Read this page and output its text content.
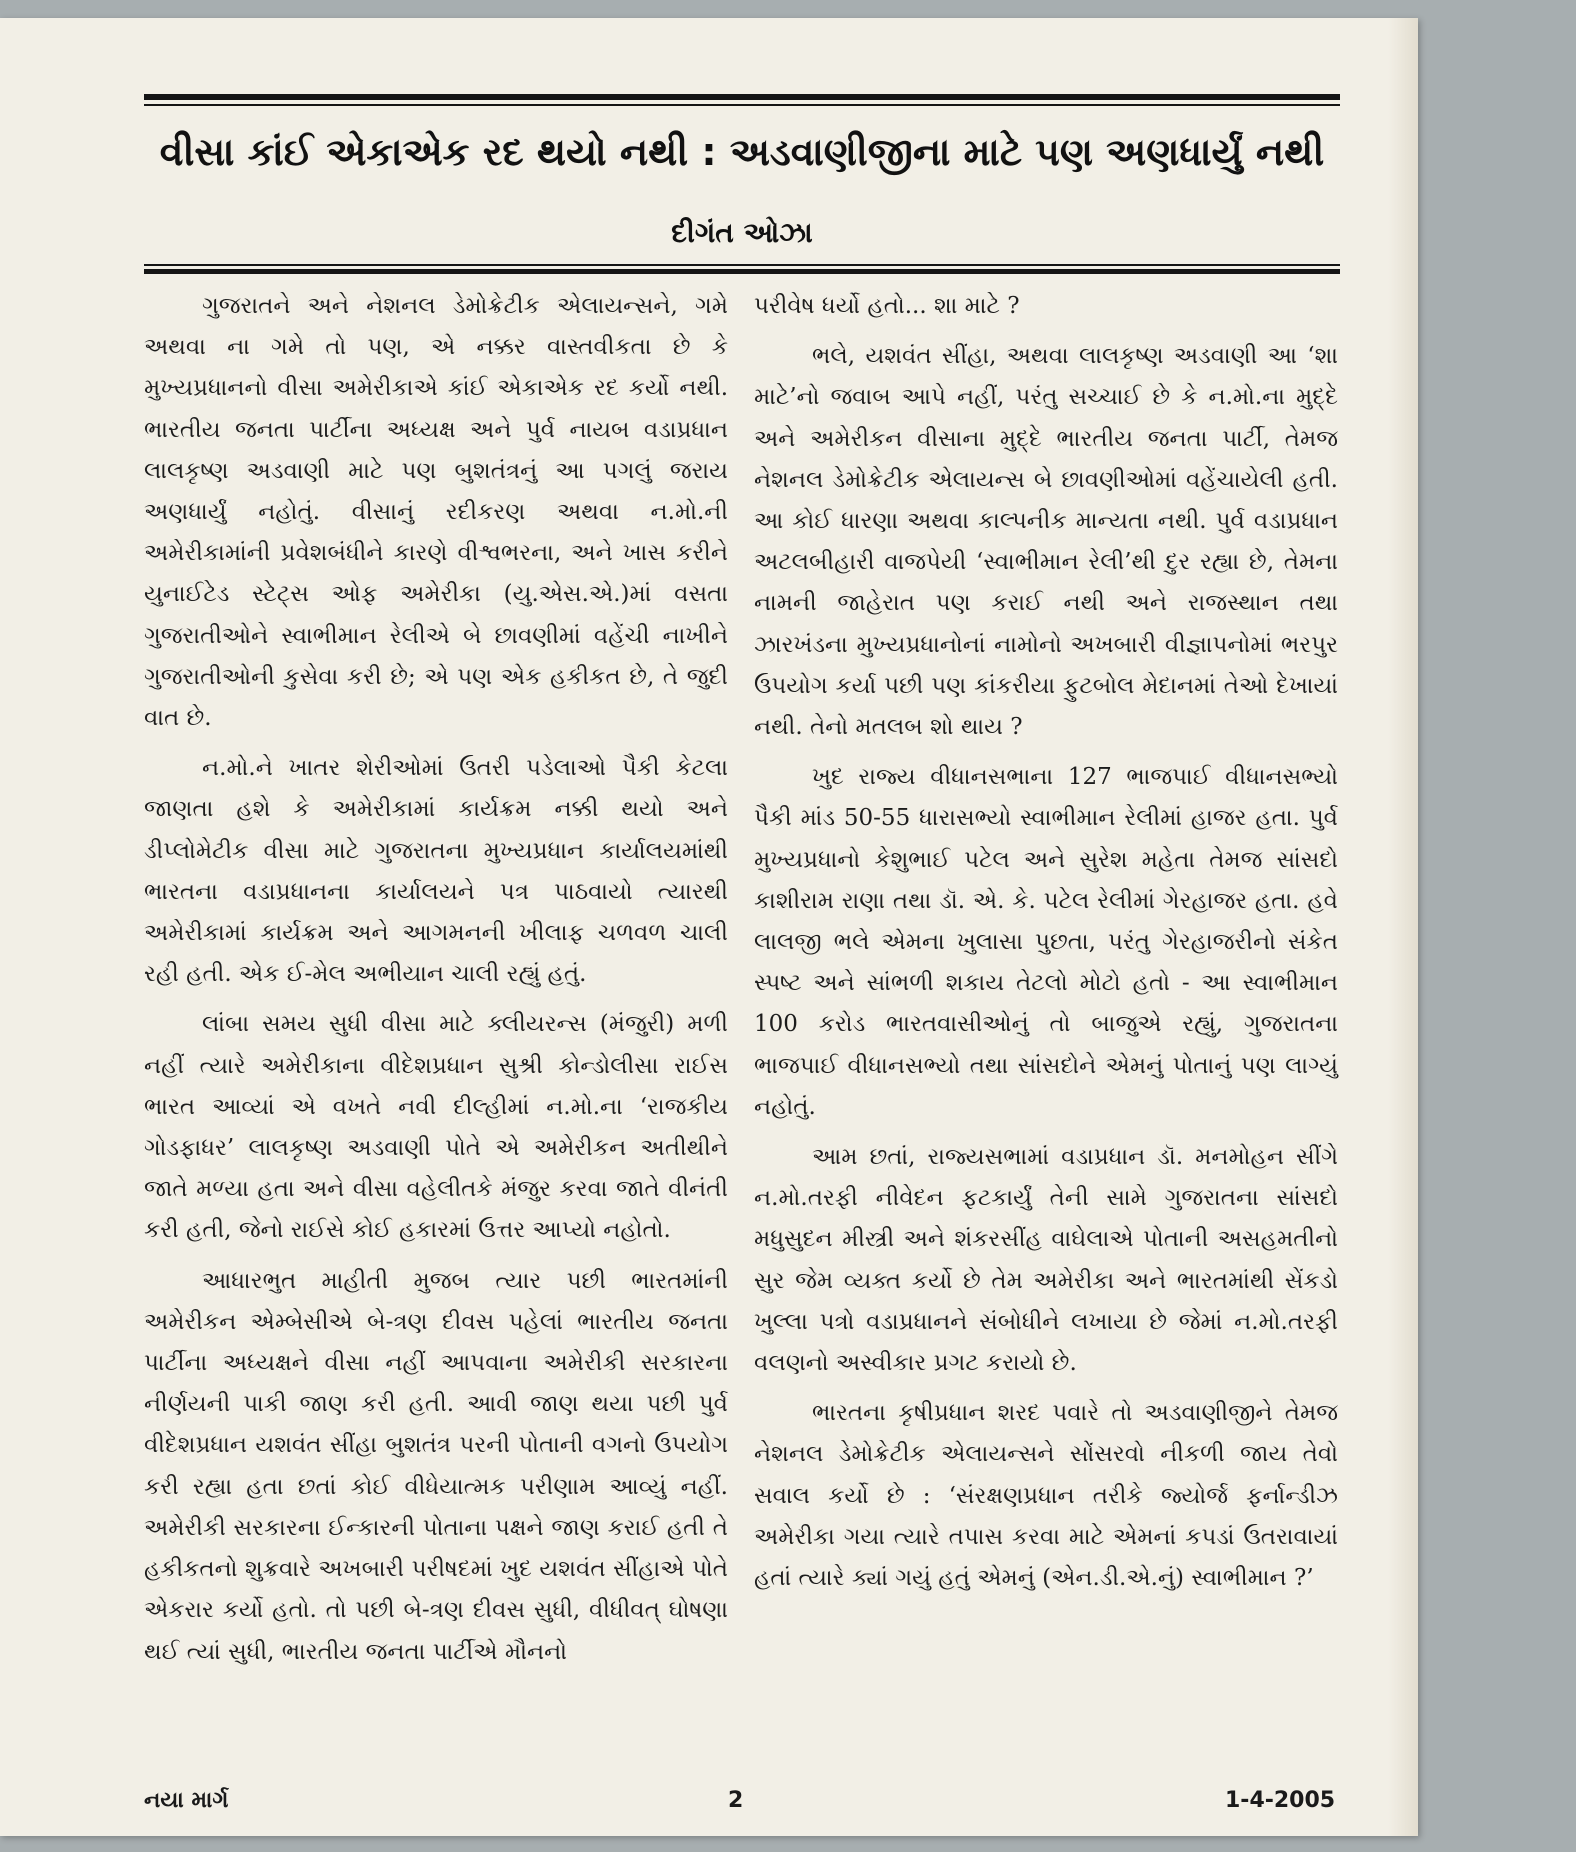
વીસા કાંઈ એકાએક રદ થયો નથી : અડવાણીજીના માટે પણ અણધાર્યું નથી
દીગંત ઓઝા

ગુજરાતને અને નેશનલ ડેમોક્રેટીક એલાયન્સને, ગમે અથવા ના ગમે તો પણ, એ નક્કર વાસ્તવીકતા છે કે મુખ્યપ્રધાનનો વીસા અમેરીકાએ કાંઈ એકાએક રદ કર્યો નથી. ભારતીય જનતા પાર્ટીના અધ્યક્ષ અને પુર્વ નાયબ વડાપ્રધાન લાલકૃષ્ણ અડવાણી માટે પણ બુશતંત્રનું આ પગલું જરાય અણધાર્યું નહોતું. વીસાનું રદીકરણ અથવા ન.મો.ની અમેરીકામાંની પ્રવેશબંધીને કારણે વીશ્વભરના, અને ખાસ કરીને યુનાઈટેડ સ્ટેટ્સ ઓફ અમેરીકા (યુ.એસ.એ.)માં વસતા ગુજરાતીઓને સ્વાભીમાન રેલીએ બે છાવણીમાં વહેંચી નાખીને ગુજરાતીઓની કુસેવા કરી છે; એ પણ એક હકીકત છે, તે જુદી વાત છે.

ન.મો.ને ખાતર શેરીઓમાં ઉતરી પડેલાઓ પૈકી કેટલા જાણતા હશે કે અમેરીકામાં કાર્યક્રમ નક્કી થયો અને ડીપ્લોમેટીક વીસા માટે ગુજરાતના મુખ્યપ્રધાન કાર્યાલયમાંથી ભારતના વડાપ્રધાનના કાર્યાલયને પત્ર પાઠવાયો ત્યારથી અમેરીકામાં કાર્યક્રમ અને આગમનની ખીલાફ ચળવળ ચાલી રહી હતી. એક ઈ-મેલ અભીયાન ચાલી રહ્યું હતું.

લાંબા સમય સુધી વીસા માટે ક્લીયરન્સ (મંજુરી) મળી નહીં ત્યારે અમેરીકાના વીદેશપ્રધાન સુશ્રી કોન્ડોલીસા રાઈસ ભારત આવ્યાં એ વખતે નવી દીલ્હીમાં ન.મો.ના ‘રાજકીય ગોડફાધર’ લાલકૃષ્ણ અડવાણી પોતે એ અમેરીકન અતીથીને જાતે મળ્યા હતા અને વીસા વહેલીતકે મંજુર કરવા જાતે વીનંતી કરી હતી, જેનો રાઈસે કોઈ હકારમાં ઉત્તર આપ્યો નહોતો.

આધારભુત માહીતી મુજબ ત્યાર પછી ભારતમાંની અમેરીકન એમ્બેસીએ બે-ત્રણ દીવસ પહેલાં ભારતીય જનતા પાર્ટીના અધ્યક્ષને વીસા નહીં આપવાના અમેરીકી સરકારના નીર્ણયની પાકી જાણ કરી હતી. આવી જાણ થયા પછી પુર્વ વીદેશપ્રધાન યશવંત સીંહા બુશતંત્ર પરની પોતાની વગનો ઉપયોગ કરી રહ્યા હતા છતાં કોઈ વીધેયાત્મક પરીણામ આવ્યું નહીં. અમેરીકી સરકારના ઈન્કારની પોતાના પક્ષને જાણ કરાઈ હતી તે હકીકતનો શુક્રવારે અખબારી પરીષદમાં ખુદ યશવંત સીંહાએ પોતે એકરાર કર્યો હતો. તો પછી બે-ત્રણ દીવસ સુધી, વીધીવત્ ઘોષણા થઈ ત્યાં સુધી, ભારતીય જનતા પાર્ટીએ મૌનનો

પરીવેષ ધર્યો હતો... શા માટે ?

ભલે, યશવંત સીંહા, અથવા લાલકૃષ્ણ અડવાણી આ ‘શા માટે’નો જવાબ આપે નહીં, પરંતુ સચ્ચાઈ છે કે ન.મો.ના મુદ્દે અને અમેરીકન વીસાના મુદ્દે ભારતીય જનતા પાર્ટી, તેમજ નેશનલ ડેમોક્રેટીક એલાયન્સ બે છાવણીઓમાં વહેંચાયેલી હતી. આ કોઈ ધારણા અથવા કાલ્પનીક માન્યતા નથી. પુર્વ વડાપ્રધાન અટલબીહારી વાજપેયી ‘સ્વાભીમાન રેલી’થી દુર રહ્યા છે, તેમના નામની જાહેરાત પણ કરાઈ નથી અને રાજસ્થાન તથા ઝારખંડના મુખ્યપ્રધાનોનાં નામોનો અખબારી વીજ્ઞાપનોમાં ભરપુર ઉપયોગ કર્યા પછી પણ કાંકરીયા ફુટબોલ મેદાનમાં તેઓ દેખાયાં નથી. તેનો મતલબ શો થાય ?

ખુદ રાજ્ય વીધાનસભાના 127 ભાજપાઈ વીધાનસભ્યો પૈકી માંડ 50-55 ધારાસભ્યો સ્વાભીમાન રેલીમાં હાજર હતા. પુર્વ મુખ્યપ્રધાનો કેશુભાઈ પટેલ અને સુરેશ મહેતા તેમજ સાંસદો કાશીરામ રાણા તથા ડૉ. એ. કે. પટેલ રેલીમાં ગેરહાજર હતા. હવે લાલજી ભલે એમના ખુલાસા પુછતા, પરંતુ ગેરહાજરીનો સંકેત સ્પષ્ટ અને સાંભળી શકાય તેટલો મોટો હતો - આ સ્વાભીમાન 100 કરોડ ભારતવાસીઓનું તો બાજુએ રહ્યું, ગુજરાતના ભાજપાઈ વીધાનસભ્યો તથા સાંસદોને એમનું પોતાનું પણ લાગ્યું નહોતું.

આમ છતાં, રાજ્યસભામાં વડાપ્રધાન ડૉ. મનમોહન સીંગે ન.મો.તરફી નીવેદન ફટકાર્યું તેની સામે ગુજરાતના સાંસદો મધુસુદન મીસ્ત્રી અને શંકરસીંહ વાઘેલાએ પોતાની અસહમતીનો સુર જેમ વ્યક્ત કર્યો છે તેમ અમેરીકા અને ભારતમાંથી સેંકડો ખુલ્લા પત્રો વડાપ્રધાનને સંબોધીને લખાયા છે જેમાં ન.મો.તરફી વલણનો અસ્વીકાર પ્રગટ કરાયો છે.

ભારતના કૃષીપ્રધાન શરદ પવારે તો અડવાણીજીને તેમજ નેશનલ ડેમોક્રેટીક એલાયન્સને સોંસરવો નીકળી જાય તેવો સવાલ કર્યો છે : ‘સંરક્ષણપ્રધાન તરીકે જ્યોર્જ ફર્નાન્ડીઝ અમેરીકા ગયા ત્યારે તપાસ કરવા માટે એમનાં કપડાં ઉતરાવાયાં હતાં ત્યારે ક્યાં ગયું હતું એમનું (એન.ડી.એ.નું) સ્વાભીમાન ?’

નયા માર્ગ	2	1-4-2005
